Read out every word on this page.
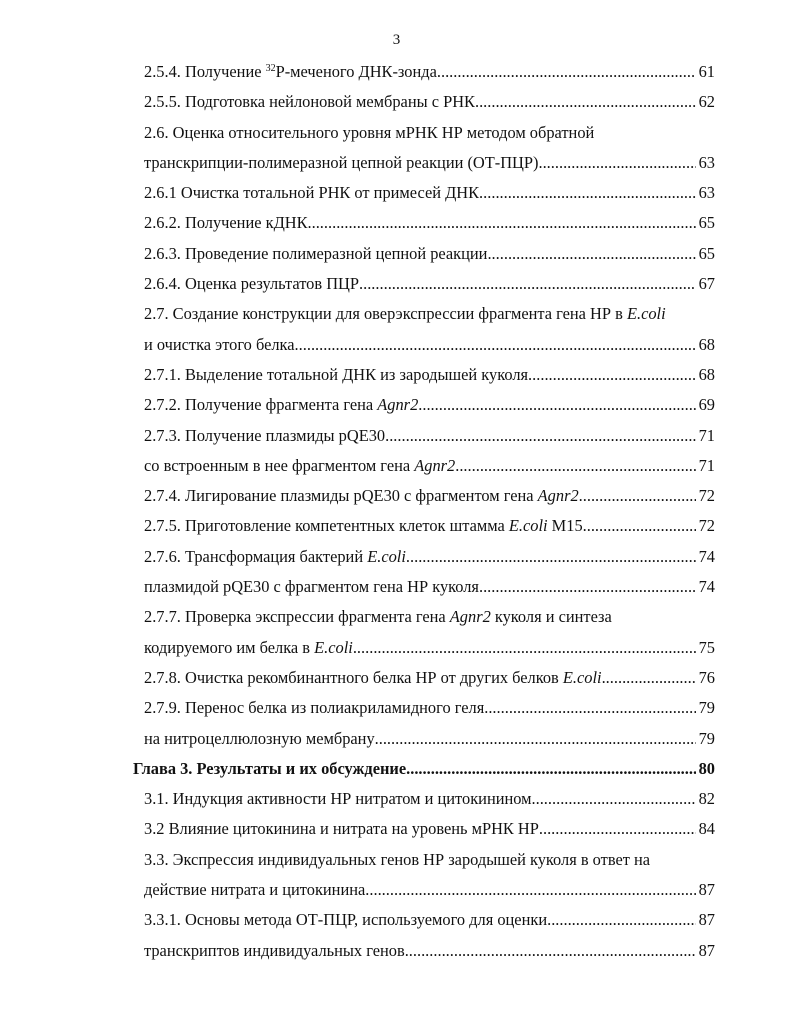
3
2.5.4. Получение $^{32}$Р-меченого ДНК-зонда .....	61
2.5.5. Подготовка нейлоновой мембраны с РНК .....	62
2.6. Оценка относительного уровня мРНК НР методом обратной
транскрипции-полимеразной цепной реакции (ОТ-ПЦР) .....	63
2.6.1 Очистка тотальной РНК от примесей ДНК .....	63
2.6.2. Получение кДНК .....	65
2.6.3. Проведение полимеразной цепной реакции .....	65
2.6.4. Оценка результатов ПЦР .....	67
2.7. Создание конструкции для оверэкспрессии фрагмента гена НР в E.coli
и очистка этого белка .....	68
2.7.1. Выделение тотальной ДНК из зародышей куколя .....	68
2.7.2. Получение фрагмента гена Agnr2 .....	69
2.7.3. Получение плазмиды pQE30 .....	71
со встроенным в нее фрагментом гена Agnr2 .....	71
2.7.4. Лигирование плазмиды pQE30 с фрагментом гена Agnr2 .....	72
2.7.5. Приготовление компетентных клеток штамма E.coli M15 .....	72
2.7.6. Трансформация бактерий E.coli .....	74
плазмидой pQE30 с фрагментом гена НР куколя .....	74
2.7.7. Проверка экспрессии фрагмента гена Agnr2 куколя и синтеза
кодируемого им белка в E.coli .....	75
2.7.8. Очистка рекомбинантного белка НР от других белков E.coli .....	76
2.7.9. Перенос белка из полиакриламидного геля .....	79
на нитроцеллюлозную мембрану .....	79
Глава 3. Результаты и их обсуждение .....	80
3.1. Индукция активности НР нитратом и цитокинином .....	82
3.2 Влияние цитокинина и нитрата на уровень мРНК НР .....	84
3.3. Экспрессия индивидуальных генов НР зародышей куколя в ответ на
действие нитрата и цитокинина .....	87
3.3.1. Основы метода ОТ-ПЦР, используемого для оценки .....	87
транскриптов индивидуальных генов .....	87
